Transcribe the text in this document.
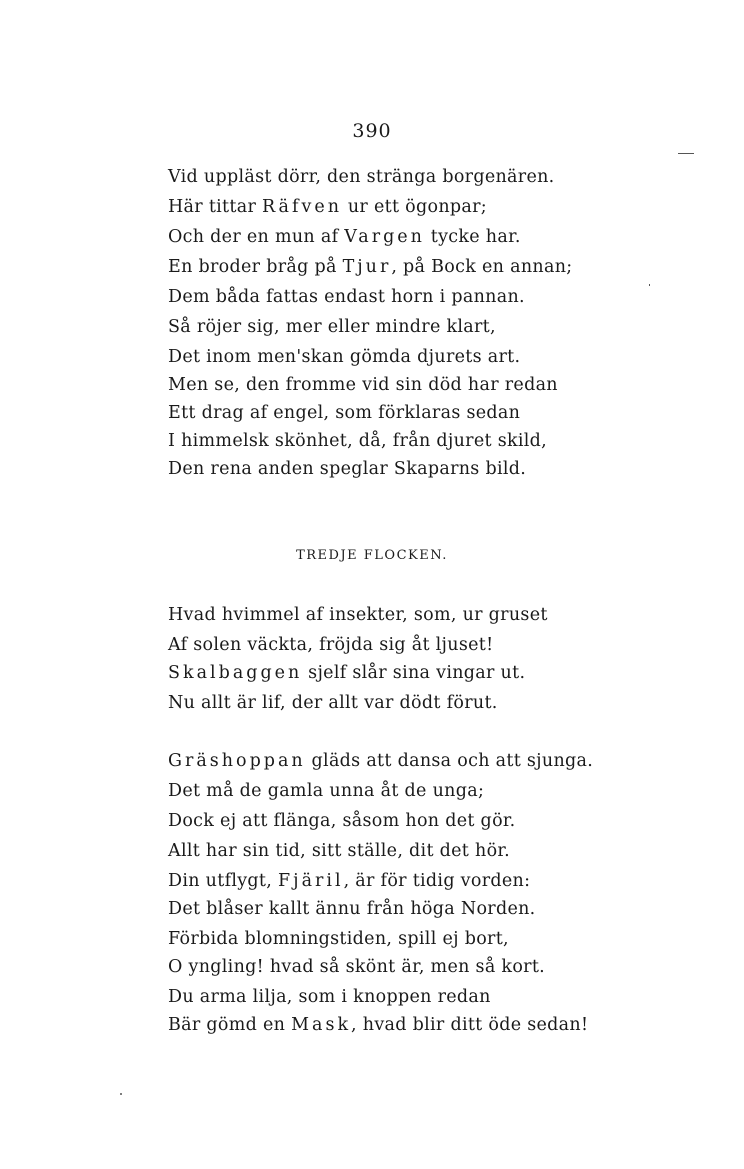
390
Vid uppläst dörr, den stränga borgenären.
Här tittar Räfven ur ett ögonpar;
Och der en mun af Vargen tycke har.
En broder bråg på Tjur, på Bock en annan;
Dem båda fattas endast horn i pannan.
Så röjer sig, mer eller mindre klart,
Det inom men'skan gömda djurets art.
Men se, den fromme vid sin död har redan
Ett drag af engel, som förklaras sedan
I himmelsk skönhet, då, från djuret skild,
Den rena anden speglar Skaparns bild.
TREDJE FLOCKEN.
Hvad hvimmel af insekter, som, ur gruset
Af solen väckta, fröjda sig åt ljuset!
Skalbaggen sjelf slår sina vingar ut.
Nu allt är lif, der allt var dödt förut.
Gräshoppan gläds att dansa och att sjunga.
Det må de gamla unna åt de unga;
Dock ej att flänga, såsom hon det gör.
Allt har sin tid, sitt ställe, dit det hör.
Din utflygt, Fjäril, är för tidig vorden:
Det blåser kallt ännu från höga Norden.
Förbida blomningstiden, spill ej bort,
O yngling! hvad så skönt är, men så kort.
Du arma lilja, som i knoppen redan
Bär gömd en Mask, hvad blir ditt öde sedan!
